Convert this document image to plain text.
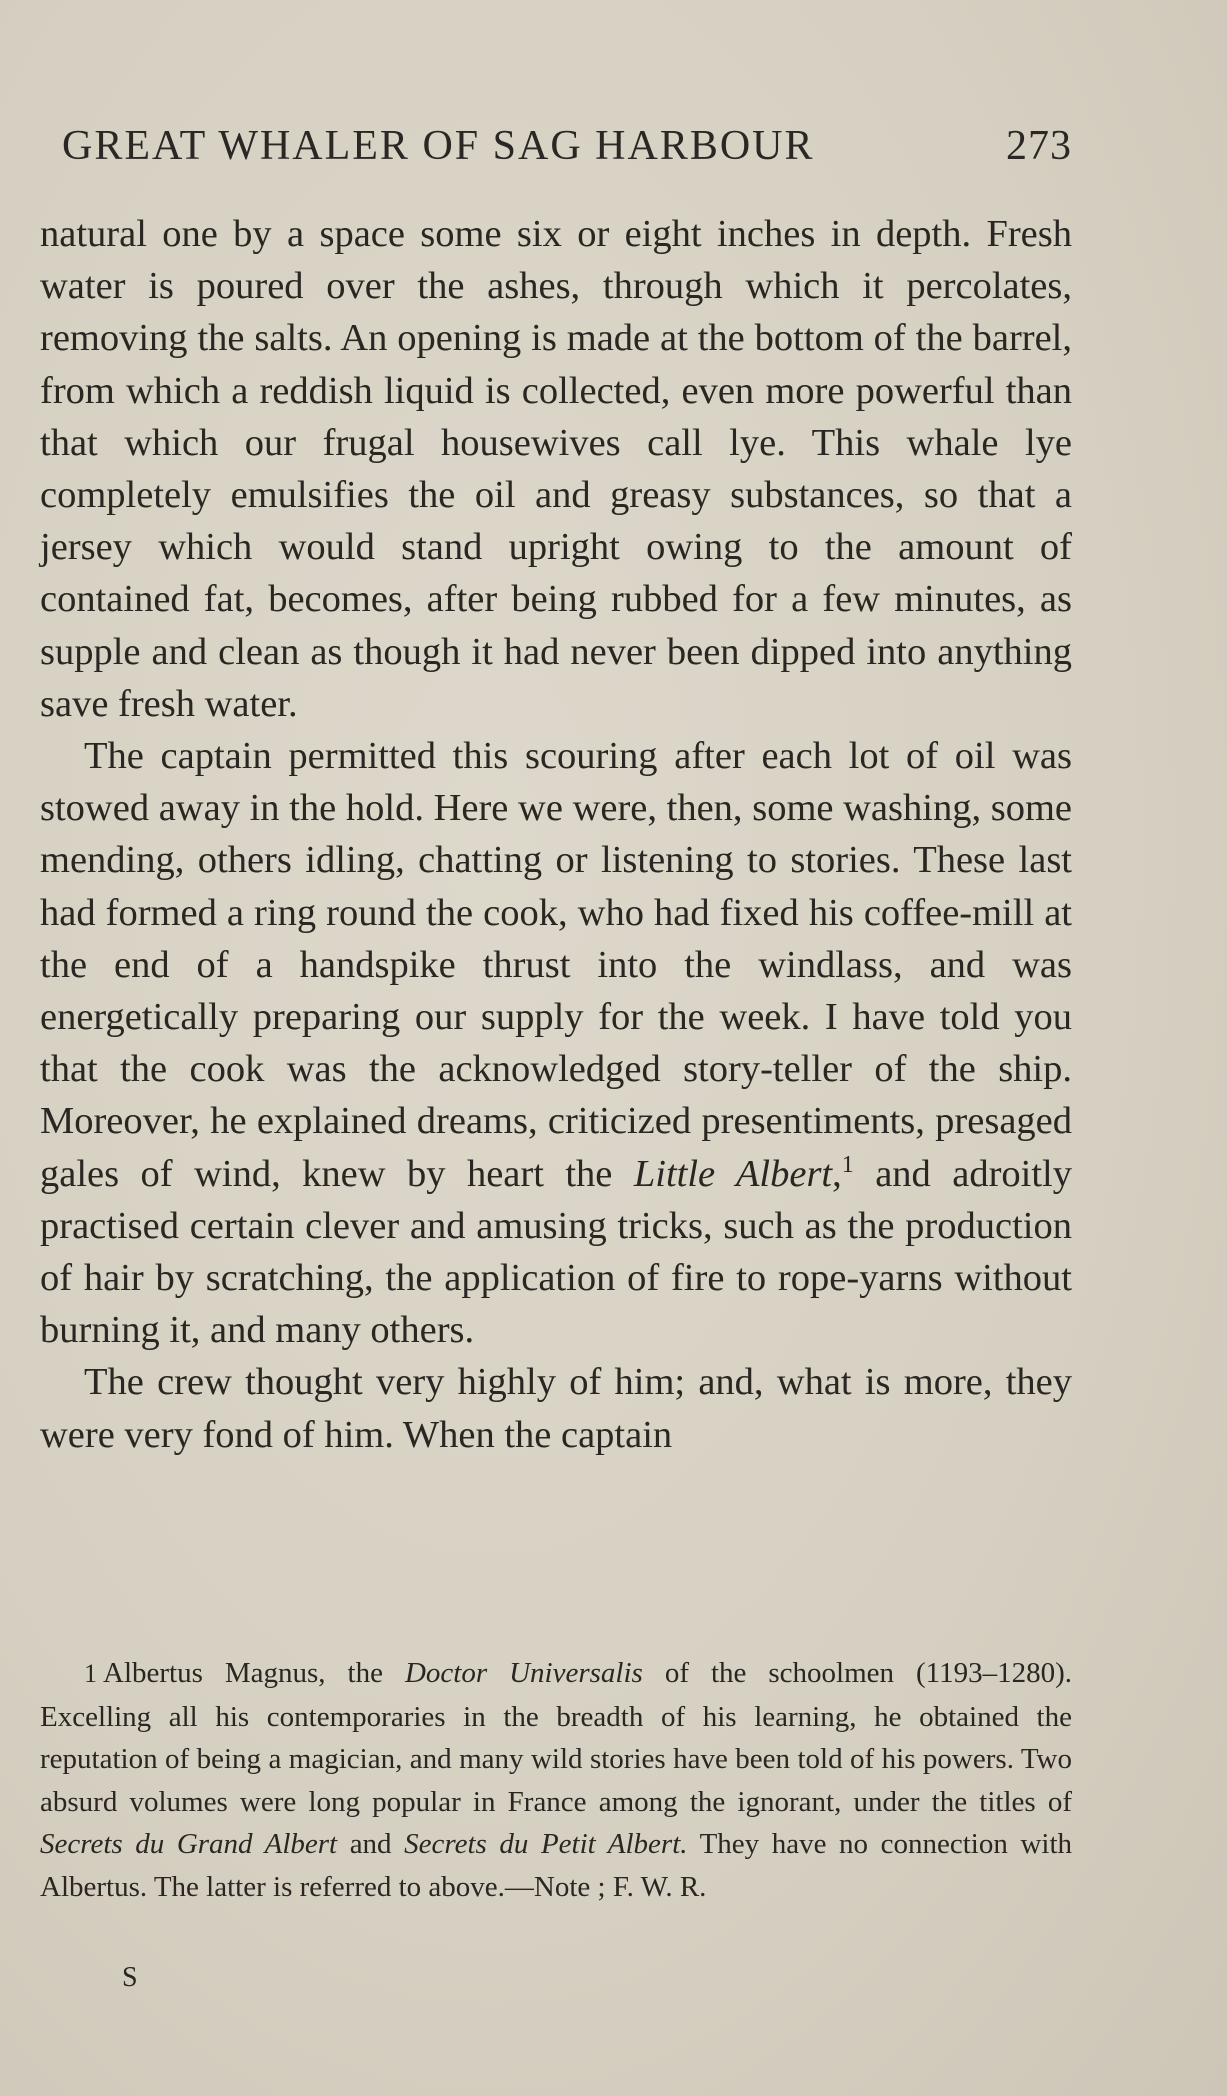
GREAT WHALER OF SAG HARBOUR	273

natural one by a space some six or eight inches in depth. Fresh water is poured over the ashes, through which it percolates, removing the salts. An opening is made at the bottom of the barrel, from which a reddish liquid is collected, even more powerful than that which our frugal housewives call lye. This whale lye completely emulsifies the oil and greasy substances, so that a jersey which would stand upright owing to the amount of contained fat, becomes, after being rubbed for a few minutes, as supple and clean as though it had never been dipped into anything save fresh water.

The captain permitted this scouring after each lot of oil was stowed away in the hold. Here we were, then, some washing, some mending, others idling, chatting or listening to stories. These last had formed a ring round the cook, who had fixed his coffee-mill at the end of a handspike thrust into the windlass, and was energetically preparing our supply for the week. I have told you that the cook was the acknowledged story-teller of the ship. Moreover, he explained dreams, criticized presentiments, presaged gales of wind, knew by heart the Little Albert,$^1$ and adroitly practised certain clever and amusing tricks, such as the production of hair by scratching, the application of fire to rope-yarns without burning it, and many others.

The crew thought very highly of him; and, what is more, they were very fond of him. When the captain

1 Albertus Magnus, the Doctor Universalis of the schoolmen (1193–1280). Excelling all his contemporaries in the breadth of his learning, he obtained the reputation of being a magician, and many wild stories have been told of his powers. Two absurd volumes were long popular in France among the ignorant, under the titles of Secrets du Grand Albert and Secrets du Petit Albert. They have no connection with Albertus. The latter is referred to above.—Note ; F. W. R.
S
